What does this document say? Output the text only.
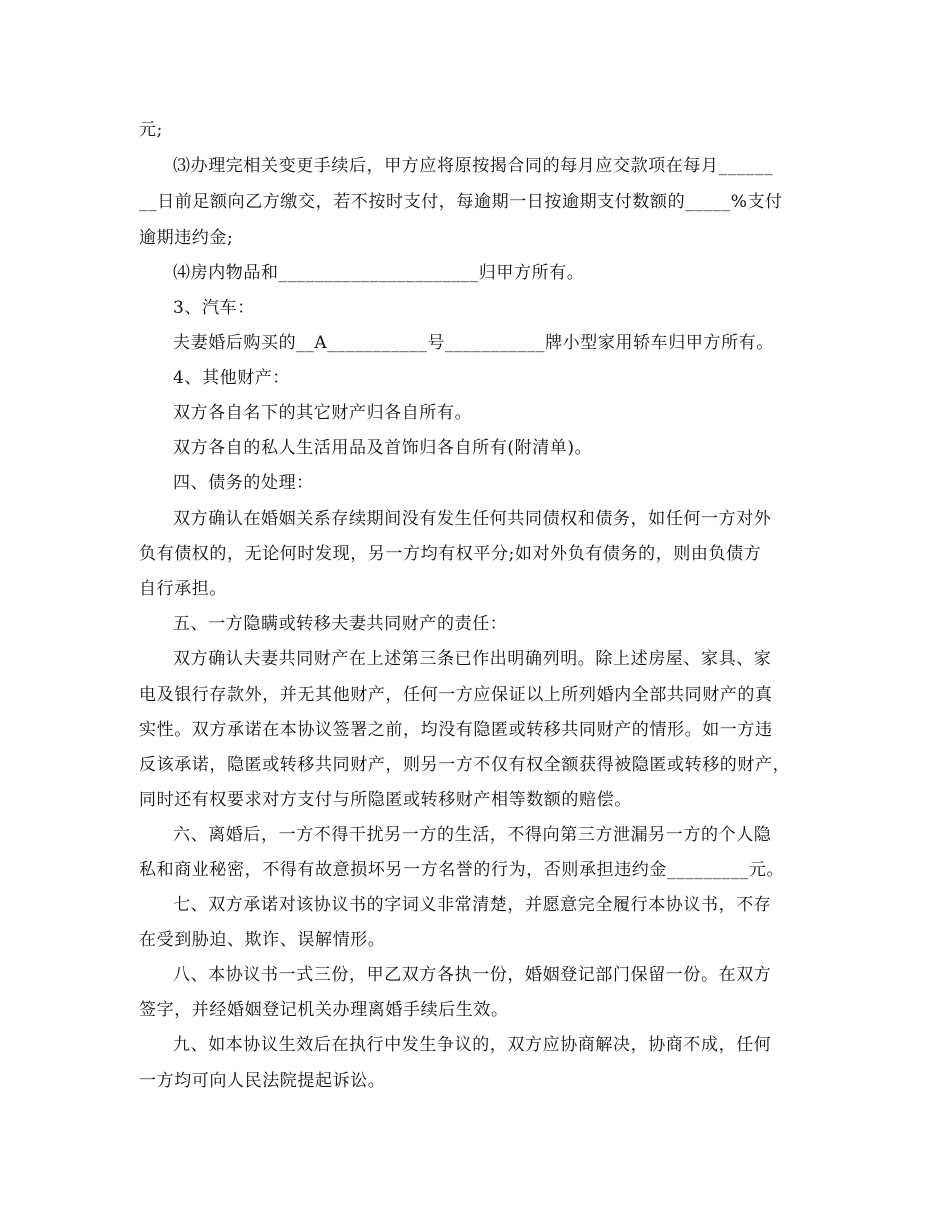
元;
⑶办理完相关变更手续后，甲方应将原按揭合同的每月应交款项在每月______
__日前足额向乙方缴交，若不按时支付，每逾期一日按逾期支付数额的_____%支付
逾期违约金;
⑷房内物品和______________________归甲方所有。
3、汽车：
夫妻婚后购买的__A___________号___________牌小型家用轿车归甲方所有。
4、其他财产：
双方各自名下的其它财产归各自所有。
双方各自的私人生活用品及首饰归各自所有(附清单)。
四、债务的处理：
双方确认在婚姻关系存续期间没有发生任何共同债权和债务，如任何一方对外
负有债权的，无论何时发现，另一方均有权平分;如对外负有债务的，则由负债方
自行承担。
五、一方隐瞒或转移夫妻共同财产的责任：
双方确认夫妻共同财产在上述第三条已作出明确列明。除上述房屋、家具、家
电及银行存款外，并无其他财产，任何一方应保证以上所列婚内全部共同财产的真
实性。双方承诺在本协议签署之前，均没有隐匿或转移共同财产的情形。如一方违
反该承诺，隐匿或转移共同财产，则另一方不仅有权全额获得被隐匿或转移的财产，
同时还有权要求对方支付与所隐匿或转移财产相等数额的赔偿。
六、离婚后，一方不得干扰另一方的生活，不得向第三方泄漏另一方的个人隐
私和商业秘密，不得有故意损坏另一方名誉的行为，否则承担违约金_________元。
七、双方承诺对该协议书的字词义非常清楚，并愿意完全履行本协议书，不存
在受到胁迫、欺诈、误解情形。
八、本协议书一式三份，甲乙双方各执一份，婚姻登记部门保留一份。在双方
签字，并经婚姻登记机关办理离婚手续后生效。
九、如本协议生效后在执行中发生争议的，双方应协商解决，协商不成，任何
一方均可向人民法院提起诉讼。
